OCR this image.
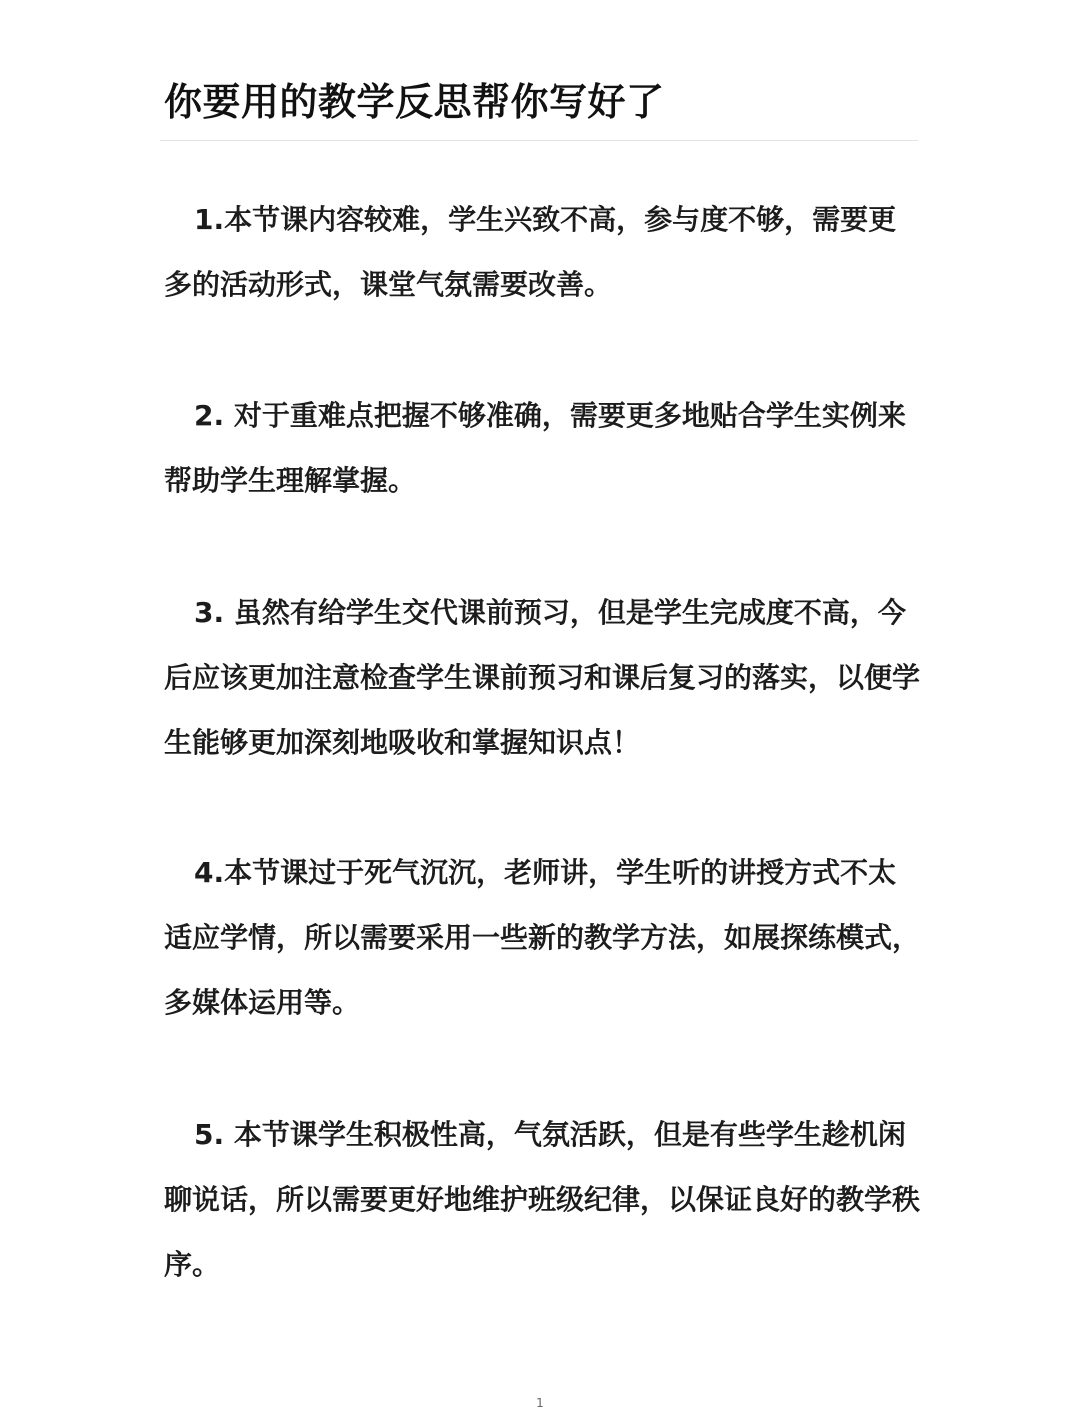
你要用的教学反思帮你写好了

1.本节课内容较难，学生兴致不高，参与度不够，需要更多的活动形式，课堂气氛需要改善。

2. 对于重难点把握不够准确，需要更多地贴合学生实例来帮助学生理解掌握。

3. 虽然有给学生交代课前预习，但是学生完成度不高，今后应该更加注意检查学生课前预习和课后复习的落实，以便学生能够更加深刻地吸收和掌握知识点！

4.本节课过于死气沉沉，老师讲，学生听的讲授方式不太适应学情，所以需要采用一些新的教学方法，如展探练模式，多媒体运用等。

5. 本节课学生积极性高，气氛活跃，但是有些学生趁机闲聊说话，所以需要更好地维护班级纪律，以保证良好的教学秩序。

1
